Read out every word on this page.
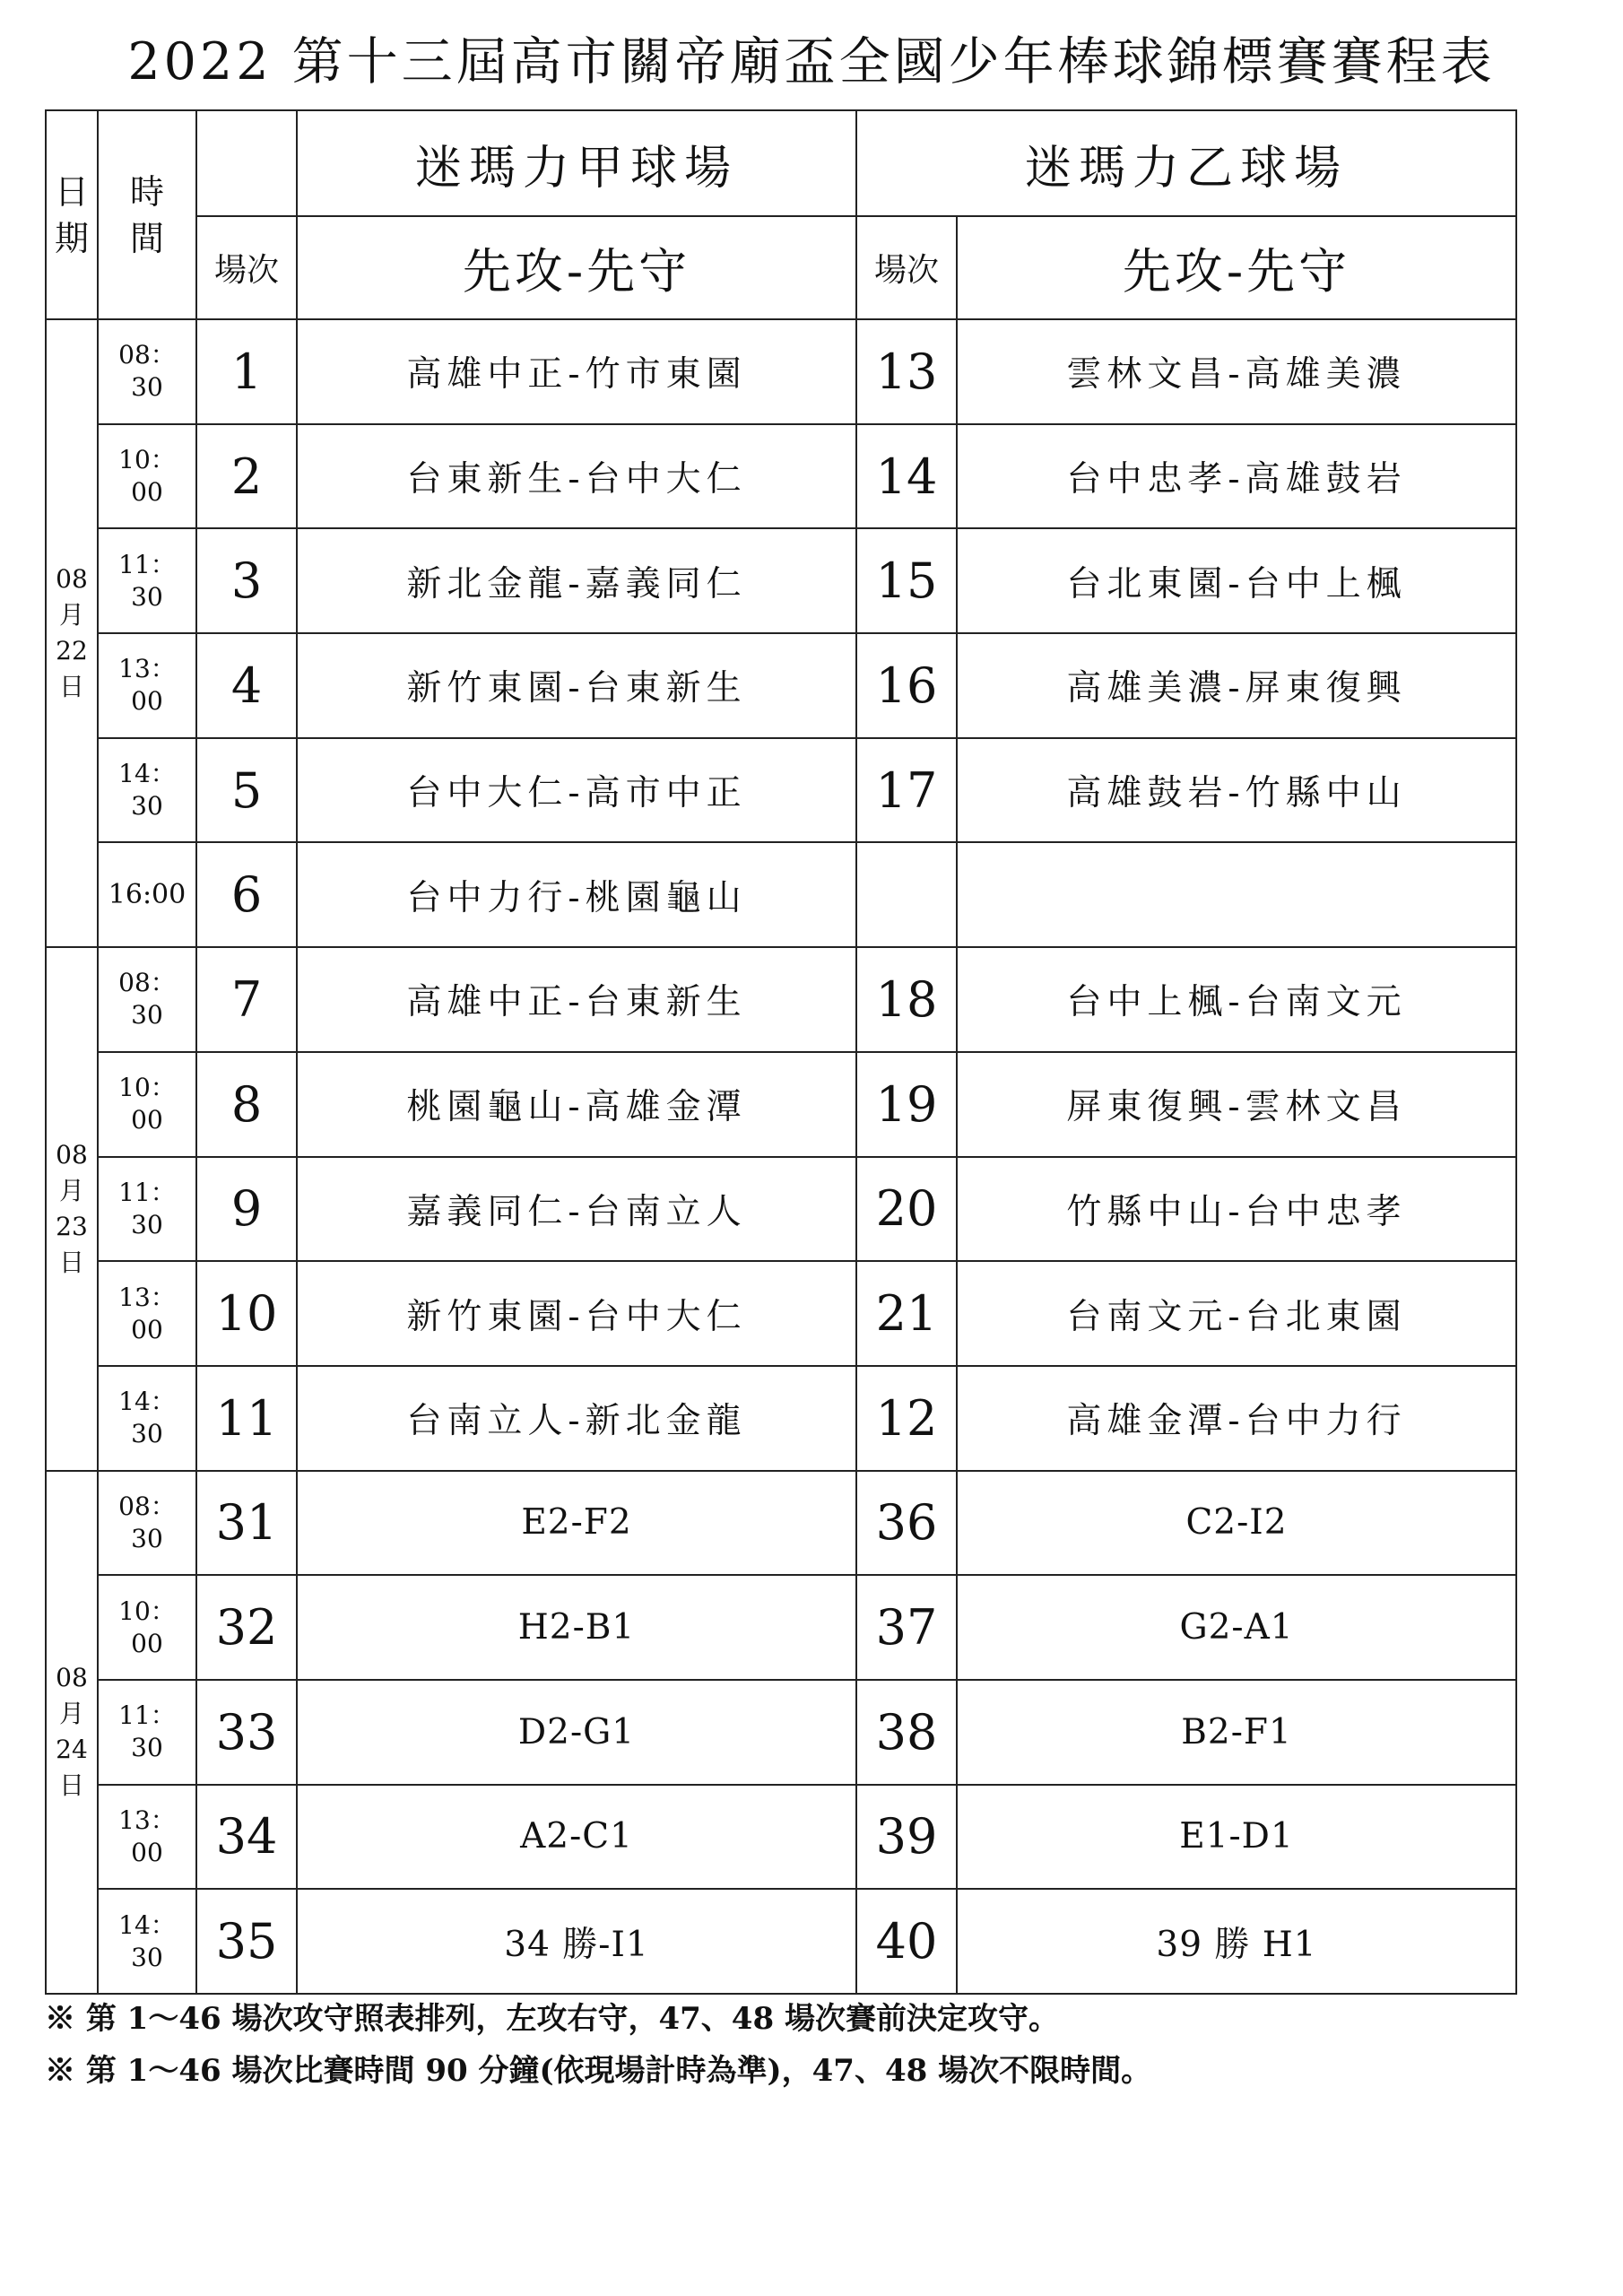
2022 第十三屆高市關帝廟盃全國少年棒球錦標賽賽程表
日
期	時
間		迷瑪力甲球場	迷瑪力乙球場	
		場次	先攻-先守	場次	先攻-先守

08
月
22
日	08：
30	1	高雄中正-竹市東園	13	雲林文昌-高雄美濃

	10：
00	2	台東新生-台中大仁	14	台中忠孝-高雄鼓岩

	11：
30	3	新北金龍-嘉義同仁	15	台北東園-台中上楓

	13：
00	4	新竹東園-台東新生	16	高雄美濃-屏東復興

	14：
30	5	台中大仁-高市中正	17	高雄鼓岩-竹縣中山

	16:00	6	台中力行-桃園龜山		

08
月
23
日	08：
30	7	高雄中正-台東新生	18	台中上楓-台南文元

	10：
00	8	桃園龜山-高雄金潭	19	屏東復興-雲林文昌

	11：
30	9	嘉義同仁-台南立人	20	竹縣中山-台中忠孝

	13：
00	10	新竹東園-台中大仁	21	台南文元-台北東園

	14：
30	11	台南立人-新北金龍	12	高雄金潭-台中力行

08
月
24
日	08：
30	31	E2-F2	36	C2-I2

	10：
00	32	H2-B1	37	G2-A1

	11：
30	33	D2-G1	38	B2-F1

	13：
00	34	A2-C1	39	E1-D1

	14：
30	35	34 勝-I1	40	39 勝 H1
※ 第 1～46 場次攻守照表排列，左攻右守，47、48 場次賽前決定攻守。
※ 第 1～46 場次比賽時間 90 分鐘(依現場計時為準)，47、48 場次不限時間。
